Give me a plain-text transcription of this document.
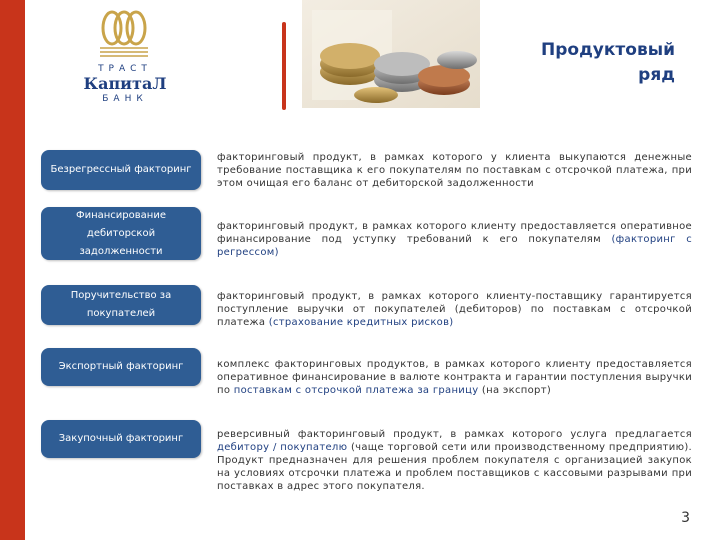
ТРАСТ
КапитаЛ
БАНК
Продуктовый
ряд
Безрегрессный факторинг
факторинговый продукт, в рамках которого у клиента выкупаются денежные требование поставщика к его покупателям по поставкам с отсрочкой платежа, при этом очищая его баланс от дебиторской задолженности
Финансирование дебиторской задолженности
факторинговый продукт, в рамках которого клиенту предоставляется оперативное финансирование под уступку требований к его покупателям (факторинг с регрессом)
Поручительство за покупателей
факторинговый продукт, в рамках которого клиенту-поставщику гарантируется поступление выручки от покупателей (дебиторов) по поставкам с отсрочкой платежа (страхование кредитных рисков)
Экспортный факторинг	комплекс факторинговых продуктов, в рамках которого клиенту предоставляется оперативное финансирование в валюте контракта и гарантии поступления выручки по поставкам с отсрочкой платежа за границу (на экспорт)
Закупочный факторинг	реверсивный факторинговый продукт, в рамках которого услуга предлагается дебитору / покупателю (чаще торговой сети или производственному предприятию). Продукт предназначен для решения проблем покупателя с организацией закупок на условиях отсрочки платежа и проблем поставщиков с кассовыми разрывами при поставках в адрес этого покупателя.
3
